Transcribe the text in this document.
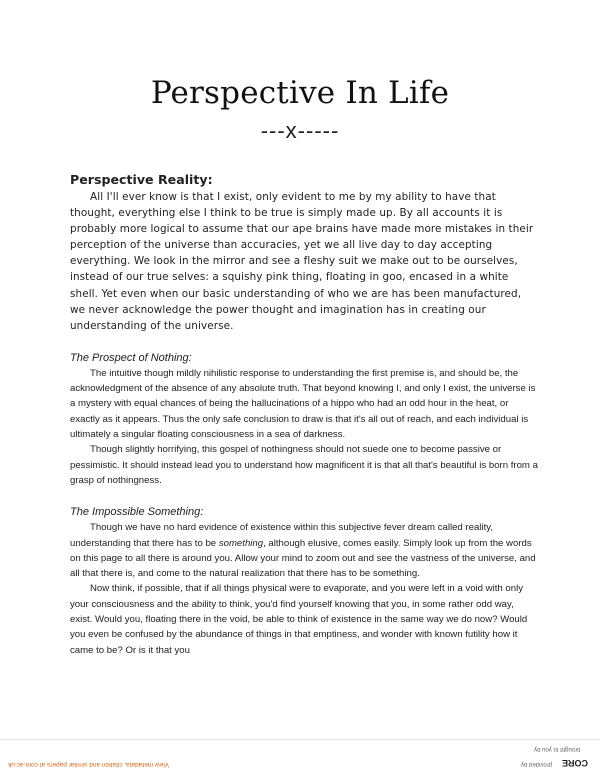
Perspective In Life
---x-----
Perspective Reality:

All I'll ever know is that I exist, only evident to me by my ability to have that thought, everything else I think to be true is simply made up. By all accounts it is probably more logical to assume that our ape brains have made more mistakes in their perception of the universe than accuracies, yet we all live day to day accepting everything. We look in the mirror and see a fleshy suit we make out to be ourselves, instead of our true selves: a squishy pink thing, floating in goo, encased in a white shell. Yet even when our basic understanding of who we are has been manufactured, we never acknowledge the power thought and imagination has in creating our understanding of the universe.

The Prospect of Nothing:

The intuitive though mildly nihilistic response to understanding the first premise is, and should be, the acknowledgment of the absence of any absolute truth. That beyond knowing I, and only I exist, the universe is a mystery with equal chances of being the hallucinations of a hippo who had an odd hour in the heat, or exactly as it appears. Thus the only safe conclusion to draw is that it's all out of reach, and each individual is ultimately a singular floating consciousness in a sea of darkness.

Though slightly horrifying, this gospel of nothingness should not suede one to become passive or pessimistic. It should instead lead you to understand how magnificent it is that all that's beautiful is born from a grasp of nothingness.

The Impossible Something:

Though we have no hard evidence of existence within this subjective fever dream called reality, understanding that there has to be something, although elusive, comes easily. Simply look up from the words on this page to all there is around you. Allow your mind to zoom out and see the vastness of the universe, and all that there is, and come to the natural realization that there has to be something.

Now think, if possible, that if all things physical were to evaporate, and you were left in a void with only your consciousness and the ability to think, you'd find yourself knowing that you, in some rather odd way, exist. Would you, floating there in the void, be able to think of existence in the same way we do now? Would you even be confused by the abundance of things in that emptiness, and wonder with known futility how it came to be? Or is it that you

brought to you by
View metadata, citation and similar papers at core.ac.uk	provided by CORE
